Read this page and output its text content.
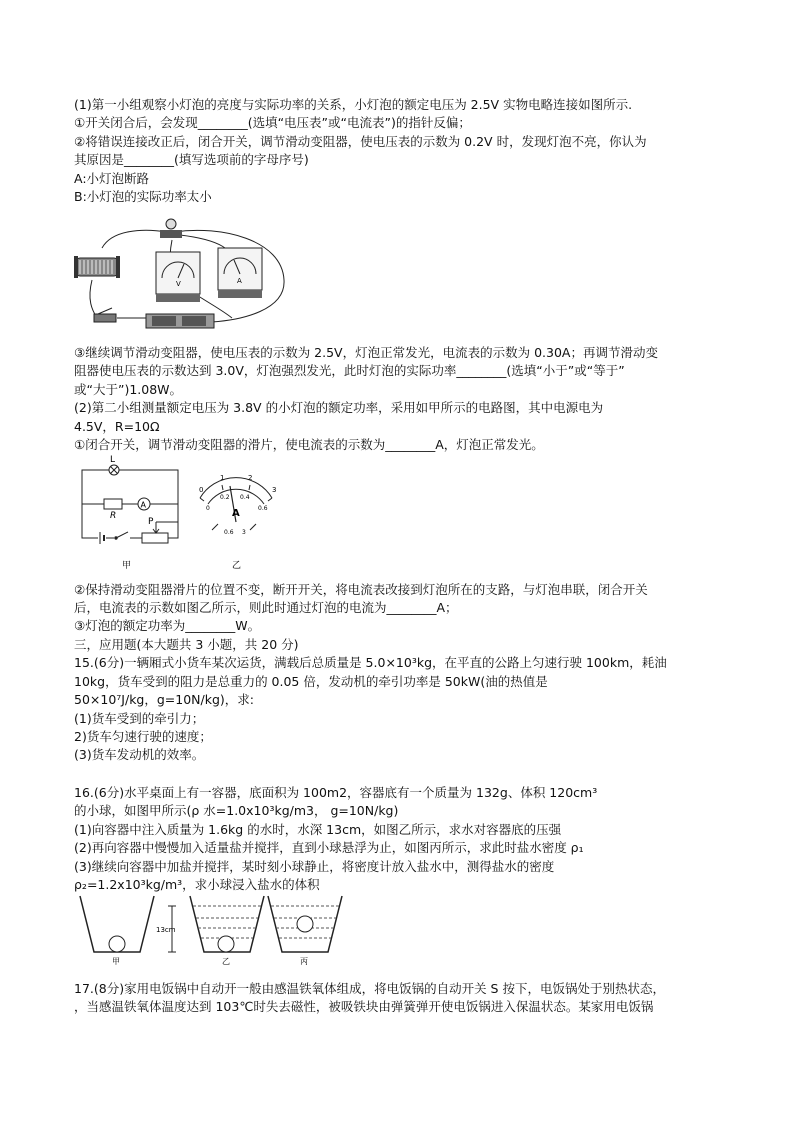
(1)第一小组观察小灯泡的亮度与实际功率的关系，小灯泡的额定电压为 2.5V 实物电略连接如图所示.
①开关闭合后，会发现________(选填“电压表”或“电流表”)的指针反偏；
②将错误连接改正后，闭合开关，调节滑动变阻器，使电压表的示数为 0.2V 时，发现灯泡不亮，你认为
其原因是________(填写选项前的字母序号)
A:小灯泡断路
B:小灯泡的实际功率太小
V	A
③继续调节滑动变阻器，使电压表的示数为 2.5V，灯泡正常发光，电流表的示数为 0.30A；再调节滑动变
阻器使电压表的示数达到 3.0V，灯泡强烈发光，此时灯泡的实际功率________(选填“小于”或“等于”
或“大于”)1.08W。
(2)第二小组测量额定电压为 3.8V 的小灯泡的额定功率，采用如甲所示的电路图，其中电源电为
4.5V，R=10Ω
①闭合开关，调节滑动变阻器的滑片，使电流表的示数为________A，灯泡正常发光。
L
R
A
P
甲
0
1	2
3
0
0.2 0.4
0.6
A
0.6 3
乙
②保持滑动变阻器滑片的位置不变，断开开关，将电流表改接到灯泡所在的支路，与灯泡串联，闭合开关
后，电流表的示数如图乙所示，则此时通过灯泡的电流为________A；
③灯泡的额定功率为________W。
三，应用题(本大题共 3 小题，共 20 分)
15.(6分)一辆厢式小货车某次运货，满载后总质量是 5.0×10³kg，在平直的公路上匀速行驶 100km，耗油
10kg，货车受到的阻力是总重力的 0.05 倍，发动机的牵引功率是 50kW(油的热值是
50×10⁷J/kg，g=10N/kg)，求:
(1)货车受到的牵引力；
2)货车匀速行驶的速度；
(3)货车发动机的效率。
16.(6分)水平桌面上有一容器，底面积为 100m2，容器底有一个质量为 132g、体积 120cm³
的小球，如图甲所示(ρ 水=1.0x10³kg/m3， g=10N/kg)
(1)向容器中注入质量为 1.6kg 的水时，水深 13cm，如图乙所示，求水对容器底的压强
(2)再向容器中慢慢加入适量盐并搅拌，直到小球悬浮为止，如图丙所示，求此时盐水密度 ρ₁
(3)继续向容器中加盐并搅拌，某时刻小球静止，将密度计放入盐水中，测得盐水的密度
ρ₂=1.2x10³kg/m³，求小球浸入盐水的体积
甲
13cm
乙	丙
17.(8分)家用电饭锅中自动开一般由感温铁氧体组成，将电饭锅的自动开关 S 按下，电饭锅处于别热状态，
，当感温铁氧体温度达到 103℃时失去磁性，被吸铁块由弹簧弹开使电饭锅进入保温状态。某家用电饭锅
